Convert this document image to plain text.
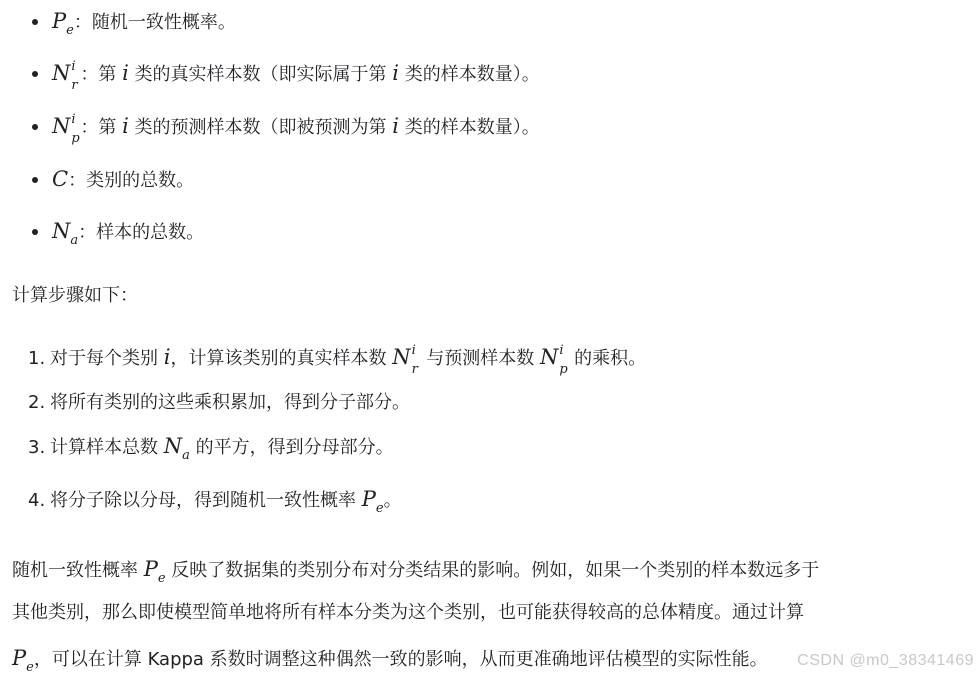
$P_e$：随机一致性概率。
N i
r
：第 i 类的真实样本数（即实际属于第 i 类的样本数量）。
N i
p
：第 i 类的预测样本数（即被预测为第 i 类的样本数量）。
C：类别的总数。
$N_a$：样本的总数。
计算步骤如下：
1. 对于每个类别 i，计算该类别的真实样本数 N i
r
与预测样本数 N i
p
的乘积。
2. 将所有类别的这些乘积累加，得到分子部分。
3. 计算样本总数 $N_a$ 的平方，得到分母部分。
4. 将分子除以分母，得到随机一致性概率 $P_e$。
随机一致性概率 $P_e$ 反映了数据集的类别分布对分类结果的影响。例如，如果一个类别的样本数远多于
其他类别，那么即使模型简单地将所有样本分类为这个类别，也可能获得较高的总体精度。通过计算
$P_e$，可以在计算 Kappa 系数时调整这种偶然一致的影响，从而更准确地评估模型的实际性能。 CSDN @m0_38341469
